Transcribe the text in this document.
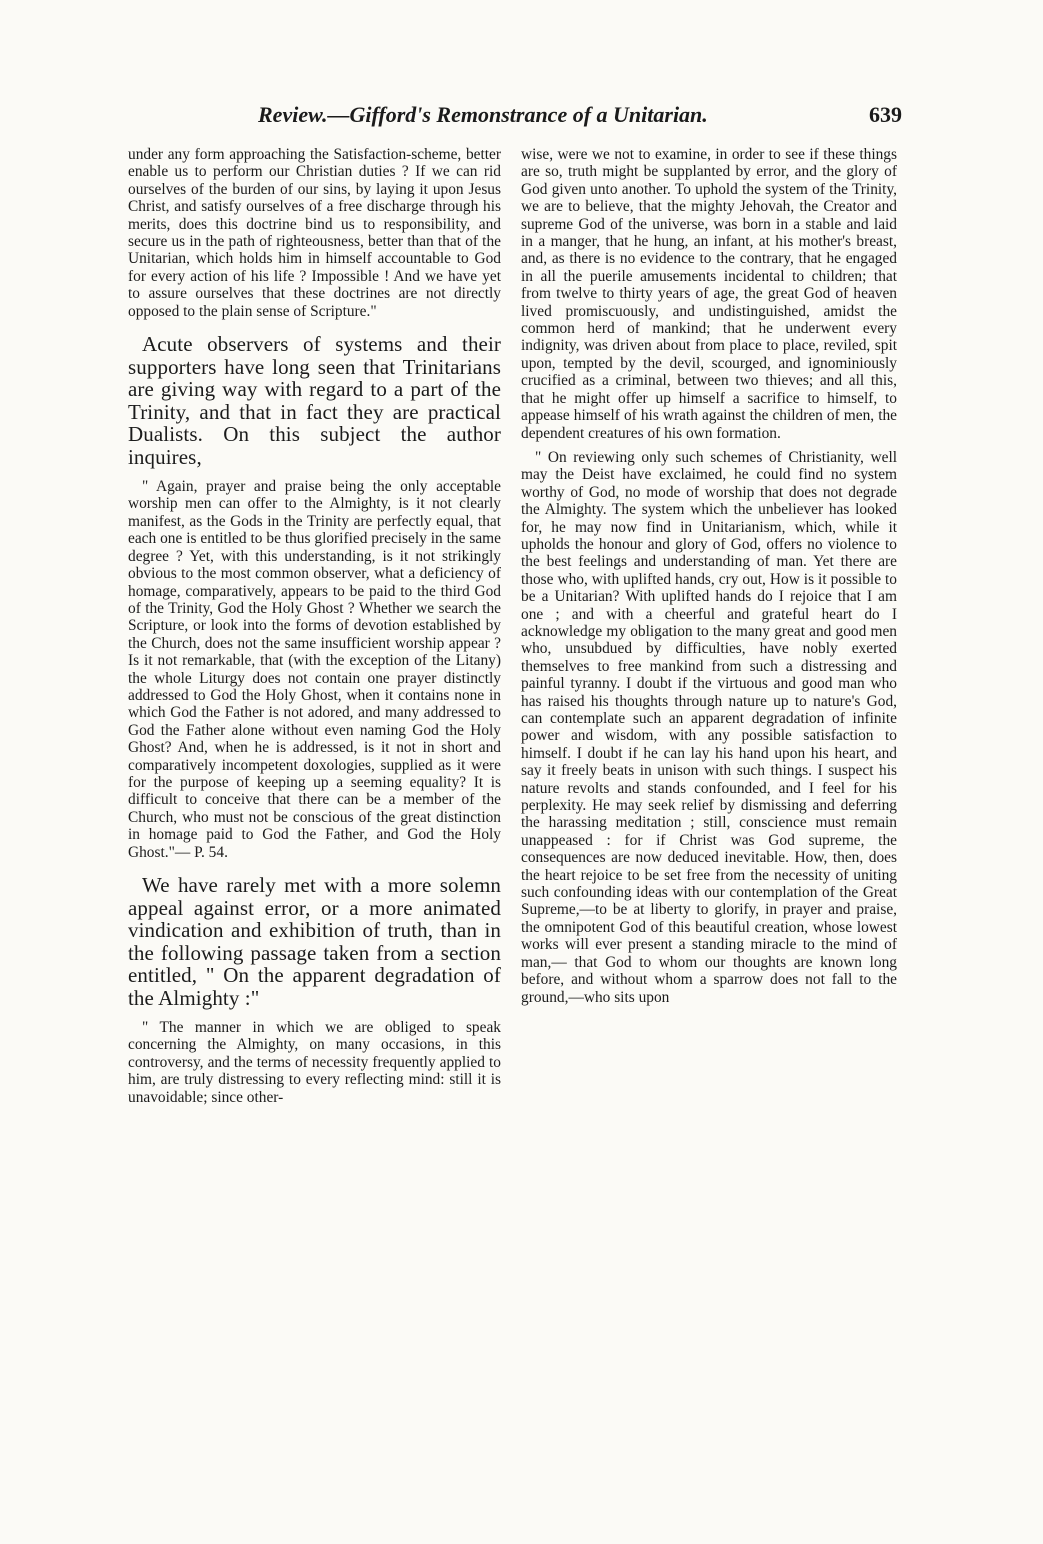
Review.—Gifford's Remonstrance of a Unitarian.	639

under any form approaching the Satisfaction-scheme, better enable us to perform our Christian duties ? If we can rid ourselves of the burden of our sins, by laying it upon Jesus Christ, and satisfy ourselves of a free discharge through his merits, does this doctrine bind us to responsibility, and secure us in the path of righteousness, better than that of the Unitarian, which holds him in himself accountable to God for every action of his life ? Impossible ! And we have yet to assure ourselves that these doctrines are not directly opposed to the plain sense of Scripture."

Acute observers of systems and their supporters have long seen that Trinitarians are giving way with regard to a part of the Trinity, and that in fact they are practical Dualists. On this subject the author inquires,

" Again, prayer and praise being the only acceptable worship men can offer to the Almighty, is it not clearly manifest, as the Gods in the Trinity are perfectly equal, that each one is entitled to be thus glorified precisely in the same degree ? Yet, with this understanding, is it not strikingly obvious to the most common observer, what a deficiency of homage, comparatively, appears to be paid to the third God of the Trinity, God the Holy Ghost ? Whether we search the Scripture, or look into the forms of devotion established by the Church, does not the same insufficient worship appear ? Is it not remarkable, that (with the exception of the Litany) the whole Liturgy does not contain one prayer distinctly addressed to God the Holy Ghost, when it contains none in which God the Father is not adored, and many addressed to God the Father alone without even naming God the Holy Ghost? And, when he is addressed, is it not in short and comparatively incompetent doxologies, supplied as it were for the purpose of keeping up a seeming equality? It is difficult to conceive that there can be a member of the Church, who must not be conscious of the great distinction in homage paid to God the Father, and God the Holy Ghost."— P. 54.

We have rarely met with a more solemn appeal against error, or a more animated vindication and exhibition of truth, than in the following passage taken from a section entitled, " On the apparent degradation of the Almighty :"

" The manner in which we are obliged to speak concerning the Almighty, on many occasions, in this controversy, and the terms of necessity frequently applied to him, are truly distressing to every reflecting mind: still it is unavoidable; since other-

wise, were we not to examine, in order to see if these things are so, truth might be supplanted by error, and the glory of God given unto another. To uphold the system of the Trinity, we are to believe, that the mighty Jehovah, the Creator and supreme God of the universe, was born in a stable and laid in a manger, that he hung, an infant, at his mother's breast, and, as there is no evidence to the contrary, that he engaged in all the puerile amusements incidental to children; that from twelve to thirty years of age, the great God of heaven lived promiscuously, and undistinguished, amidst the common herd of mankind; that he underwent every indignity, was driven about from place to place, reviled, spit upon, tempted by the devil, scourged, and ignominiously crucified as a criminal, between two thieves; and all this, that he might offer up himself a sacrifice to himself, to appease himself of his wrath against the children of men, the dependent creatures of his own formation.

" On reviewing only such schemes of Christianity, well may the Deist have exclaimed, he could find no system worthy of God, no mode of worship that does not degrade the Almighty. The system which the unbeliever has looked for, he may now find in Unitarianism, which, while it upholds the honour and glory of God, offers no violence to the best feelings and understanding of man. Yet there are those who, with uplifted hands, cry out, How is it possible to be a Unitarian? With uplifted hands do I rejoice that I am one ; and with a cheerful and grateful heart do I acknowledge my obligation to the many great and good men who, unsubdued by difficulties, have nobly exerted themselves to free mankind from such a distressing and painful tyranny. I doubt if the virtuous and good man who has raised his thoughts through nature up to nature's God, can contemplate such an apparent degradation of infinite power and wisdom, with any possible satisfaction to himself. I doubt if he can lay his hand upon his heart, and say it freely beats in unison with such things. I suspect his nature revolts and stands confounded, and I feel for his perplexity. He may seek relief by dismissing and deferring the harassing meditation ; still, conscience must remain unappeased : for if Christ was God supreme, the consequences are now deduced inevitable. How, then, does the heart rejoice to be set free from the necessity of uniting such confounding ideas with our contemplation of the Great Supreme,—to be at liberty to glorify, in prayer and praise, the omnipotent God of this beautiful creation, whose lowest works will ever present a standing miracle to the mind of man,— that God to whom our thoughts are known long before, and without whom a sparrow does not fall to the ground,—who sits upon
